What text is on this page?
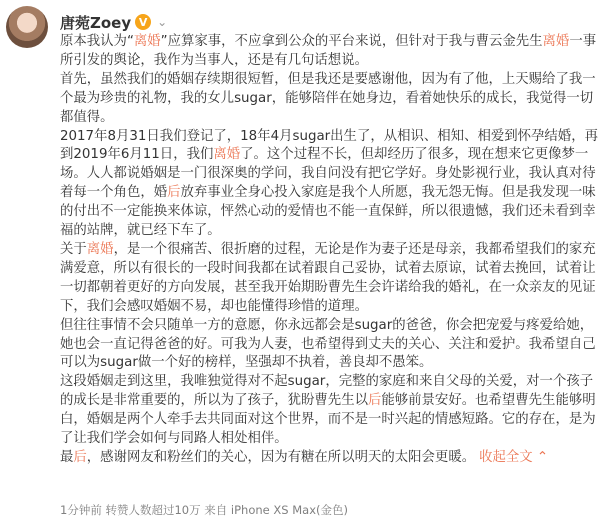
唐菀Zoey V ⌄

原本我认为“离婚”应算家事，不应拿到公众的平台来说，但针对于我与曹云金先生离婚一事所引发的舆论，我作为当事人，还是有几句话想说。

首先，虽然我们的婚姻存续期很短暂，但是我还是要感谢他，因为有了他，上天赐给了我一个最为珍贵的礼物，我的女儿sugar，能够陪伴在她身边，看着她快乐的成长，我觉得一切都值得。

2017年8月31日我们登记了，18年4月sugar出生了，从相识、相知、相爱到怀孕结婚，再到2019年6月11日，我们离婚了。这个过程不长，但却经历了很多，现在想来它更像梦一场。人人都说婚姻是一门很深奥的学问，我自问没有把它学好。身处影视行业，我认真对待着每一个角色，婚后放弃事业全身心投入家庭是我个人所愿，我无怨无悔。但是我发现一味的付出不一定能换来体谅，怦然心动的爱情也不能一直保鲜，所以很遗憾，我们还未看到幸福的站牌，就已经下车了。

关于离婚，是一个很痛苦、很折磨的过程，无论是作为妻子还是母亲，我都希望我们的家充满爱意，所以有很长的一段时间我都在试着跟自己妥协，试着去原谅，试着去挽回，试着让一切都朝着更好的方向发展，甚至我开始期盼曹先生会许诺给我的婚礼，在一众亲友的见证下，我们会感叹婚姻不易，却也能懂得珍惜的道理。

但往往事情不会只随单一方的意愿，你永远都会是sugar的爸爸，你会把宠爱与疼爱给她，她也会一直记得爸爸的好。可我为人妻，也希望得到丈夫的关心、关注和爱护。我希望自己可以为sugar做一个好的榜样，坚强却不执着，善良却不愚笨。

这段婚姻走到这里，我唯独觉得对不起sugar，完整的家庭和来自父母的关爱，对一个孩子的成长是非常重要的，所以为了孩子，犹盼曹先生以后能够前景安好。也希望曹先生能够明白，婚姻是两个人牵手去共同面对这个世界，而不是一时兴起的情感短路。它的存在，是为了让我们学会如何与同路人相处相伴。

最后，感谢网友和粉丝们的关心，因为有糖在所以明天的太阳会更暖。 收起全文 ⌃

1分钟前 转赞人数超过10万 来自 iPhone XS Max(金色)
